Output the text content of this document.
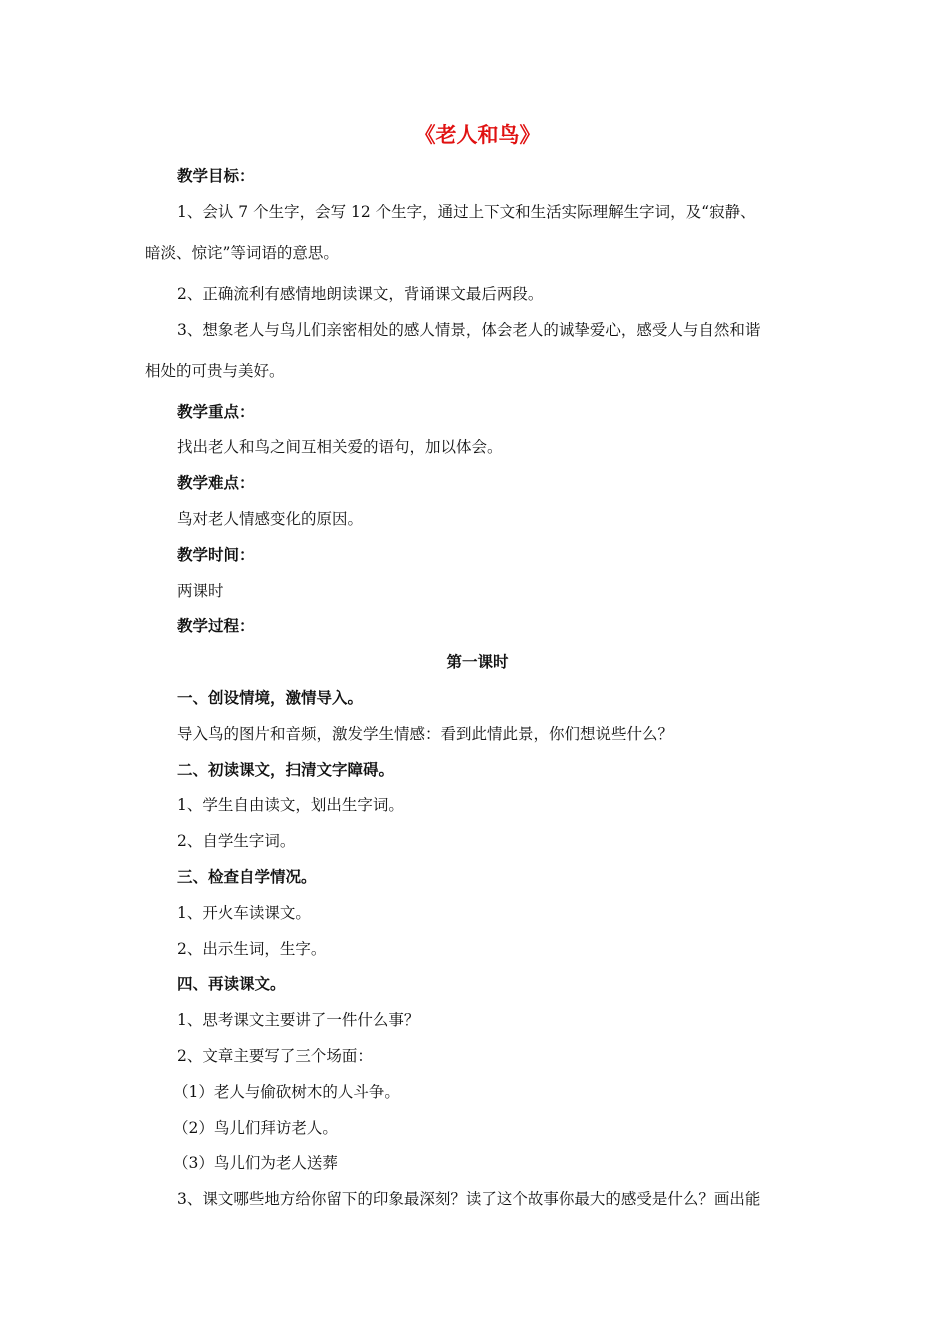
《老人和鸟》
教学目标：
1、会认 7 个生字，会写 12 个生字，通过上下文和生活实际理解生字词，及“寂静、
暗淡、惊诧”等词语的意思。
2、正确流利有感情地朗读课文，背诵课文最后两段。
3、想象老人与鸟儿们亲密相处的感人情景，体会老人的诚挚爱心，感受人与自然和谐
相处的可贵与美好。
教学重点：
找出老人和鸟之间互相关爱的语句，加以体会。
教学难点：
鸟对老人情感变化的原因。
教学时间：
两课时
教学过程：
第一课时
一、创设情境，激情导入。
导入鸟的图片和音频，激发学生情感：看到此情此景，你们想说些什么？
二、初读课文，扫清文字障碍。
1、学生自由读文，划出生字词。
2、自学生字词。
三、检查自学情况。
1、开火车读课文。
2、出示生词，生字。
四、再读课文。
1、思考课文主要讲了一件什么事？
2、文章主要写了三个场面：
（1）老人与偷砍树木的人斗争。
（2）鸟儿们拜访老人。
（3）鸟儿们为老人送葬
3、课文哪些地方给你留下的印象最深刻？读了这个故事你最大的感受是什么？画出能
